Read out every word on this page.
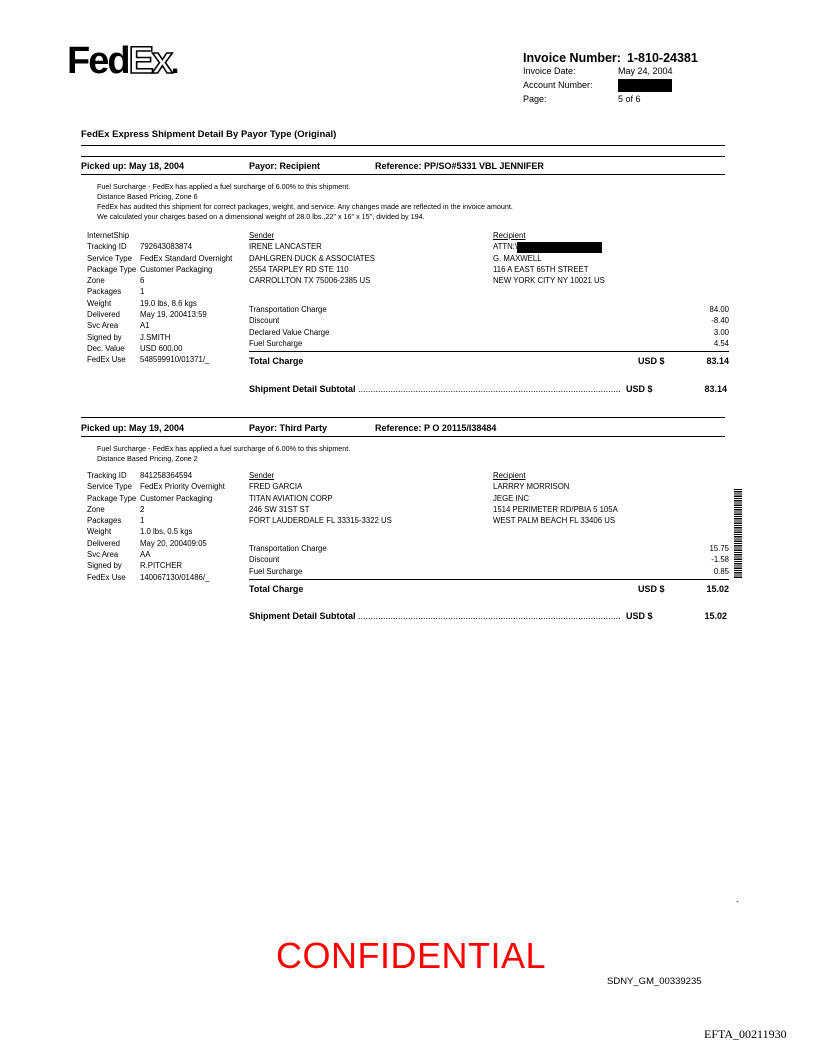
FedEx.	Invoice Number: 1-810-24381
Invoice Date:	May 24, 2004
Account Number:
Page:	5 of 6
FedEx Express Shipment Detail By Payor Type (Original)
Picked up: May 18, 2004	Payor: Recipient	Reference: PP/SO#5331 VBL JENNIFER
Fuel Surcharge - FedEx has applied a fuel surcharge of 6.00% to this shipment.
Distance Based Pricing, Zone 6
FedEx has audited this shipment for correct packages, weight, and service. Any changes made are reflected in the invoice amount.
We calculated your charges based on a dimensional weight of 28.0 lbs.,22" x 16" x 15", divided by 194.
InternetShip
Tracking ID 792643083874
Service Type FedEx Standard Overnight
Package Type Customer Packaging
Zone	6
Packages 1
Weight	19.0 lbs, 8.6 kgs
Delivered	May 19, 200413:59
Svc Area	A1
Signed by J.SMITH
Dec. Value USD 600.00
FedEx Use 548599910/01371/_
Sender
IRENE LANCASTER
DAHLGREN DUCK & ASSOCIATES
2554 TARPLEY RD STE 110
CARROLLTON TX 75006-2385 US
Recipient
ATTN:\
G. MAXWELL
116 A EAST 65TH STREET
NEW YORK CITY NY 10021 US
Transportation Charge	84.00
Discount	-8.40
Declared Value Charge	3.00
Fuel Surcharge	4.54
Total Charge	USD $	83.14
Shipment Detail Subtotal ......................................................................................................... USD $	83.14
Picked up: May 19, 2004	Payor: Third Party	Reference: P O 20115/I38484
Fuel Surcharge - FedEx has applied a fuel surcharge of 6.00% to this shipment.
Distance Based Pricing, Zone 2
Tracking ID 841258364594
Service Type FedEx Priority Overnight
Package Type Customer Packaging
Zone	2
Packages 1
Weight	1.0 lbs, 0.5 kgs
Delivered	May 20, 200409:05
Svc Area	AA
Signed by R.PITCHER
FedEx Use 140067130/01486/_
Sender
FRED GARCIA
TITAN AVIATION CORP
246 SW 31ST ST
FORT LAUDERDALE FL 33315-3322 US
Recipient
LARRRY MORRISON
JEGE INC
1514 PERIMETER RD/PBIA 5 105A
WEST PALM BEACH FL 33406 US
Transportation Charge	15.75
Discount	-1.58
Fuel Surcharge	0.85
Total Charge	USD $	15.02
Shipment Detail Subtotal ......................................................................................................... USD $	15.02
`
CONFIDENTIAL
SDNY_GM_00339235
EFTA_00211930
